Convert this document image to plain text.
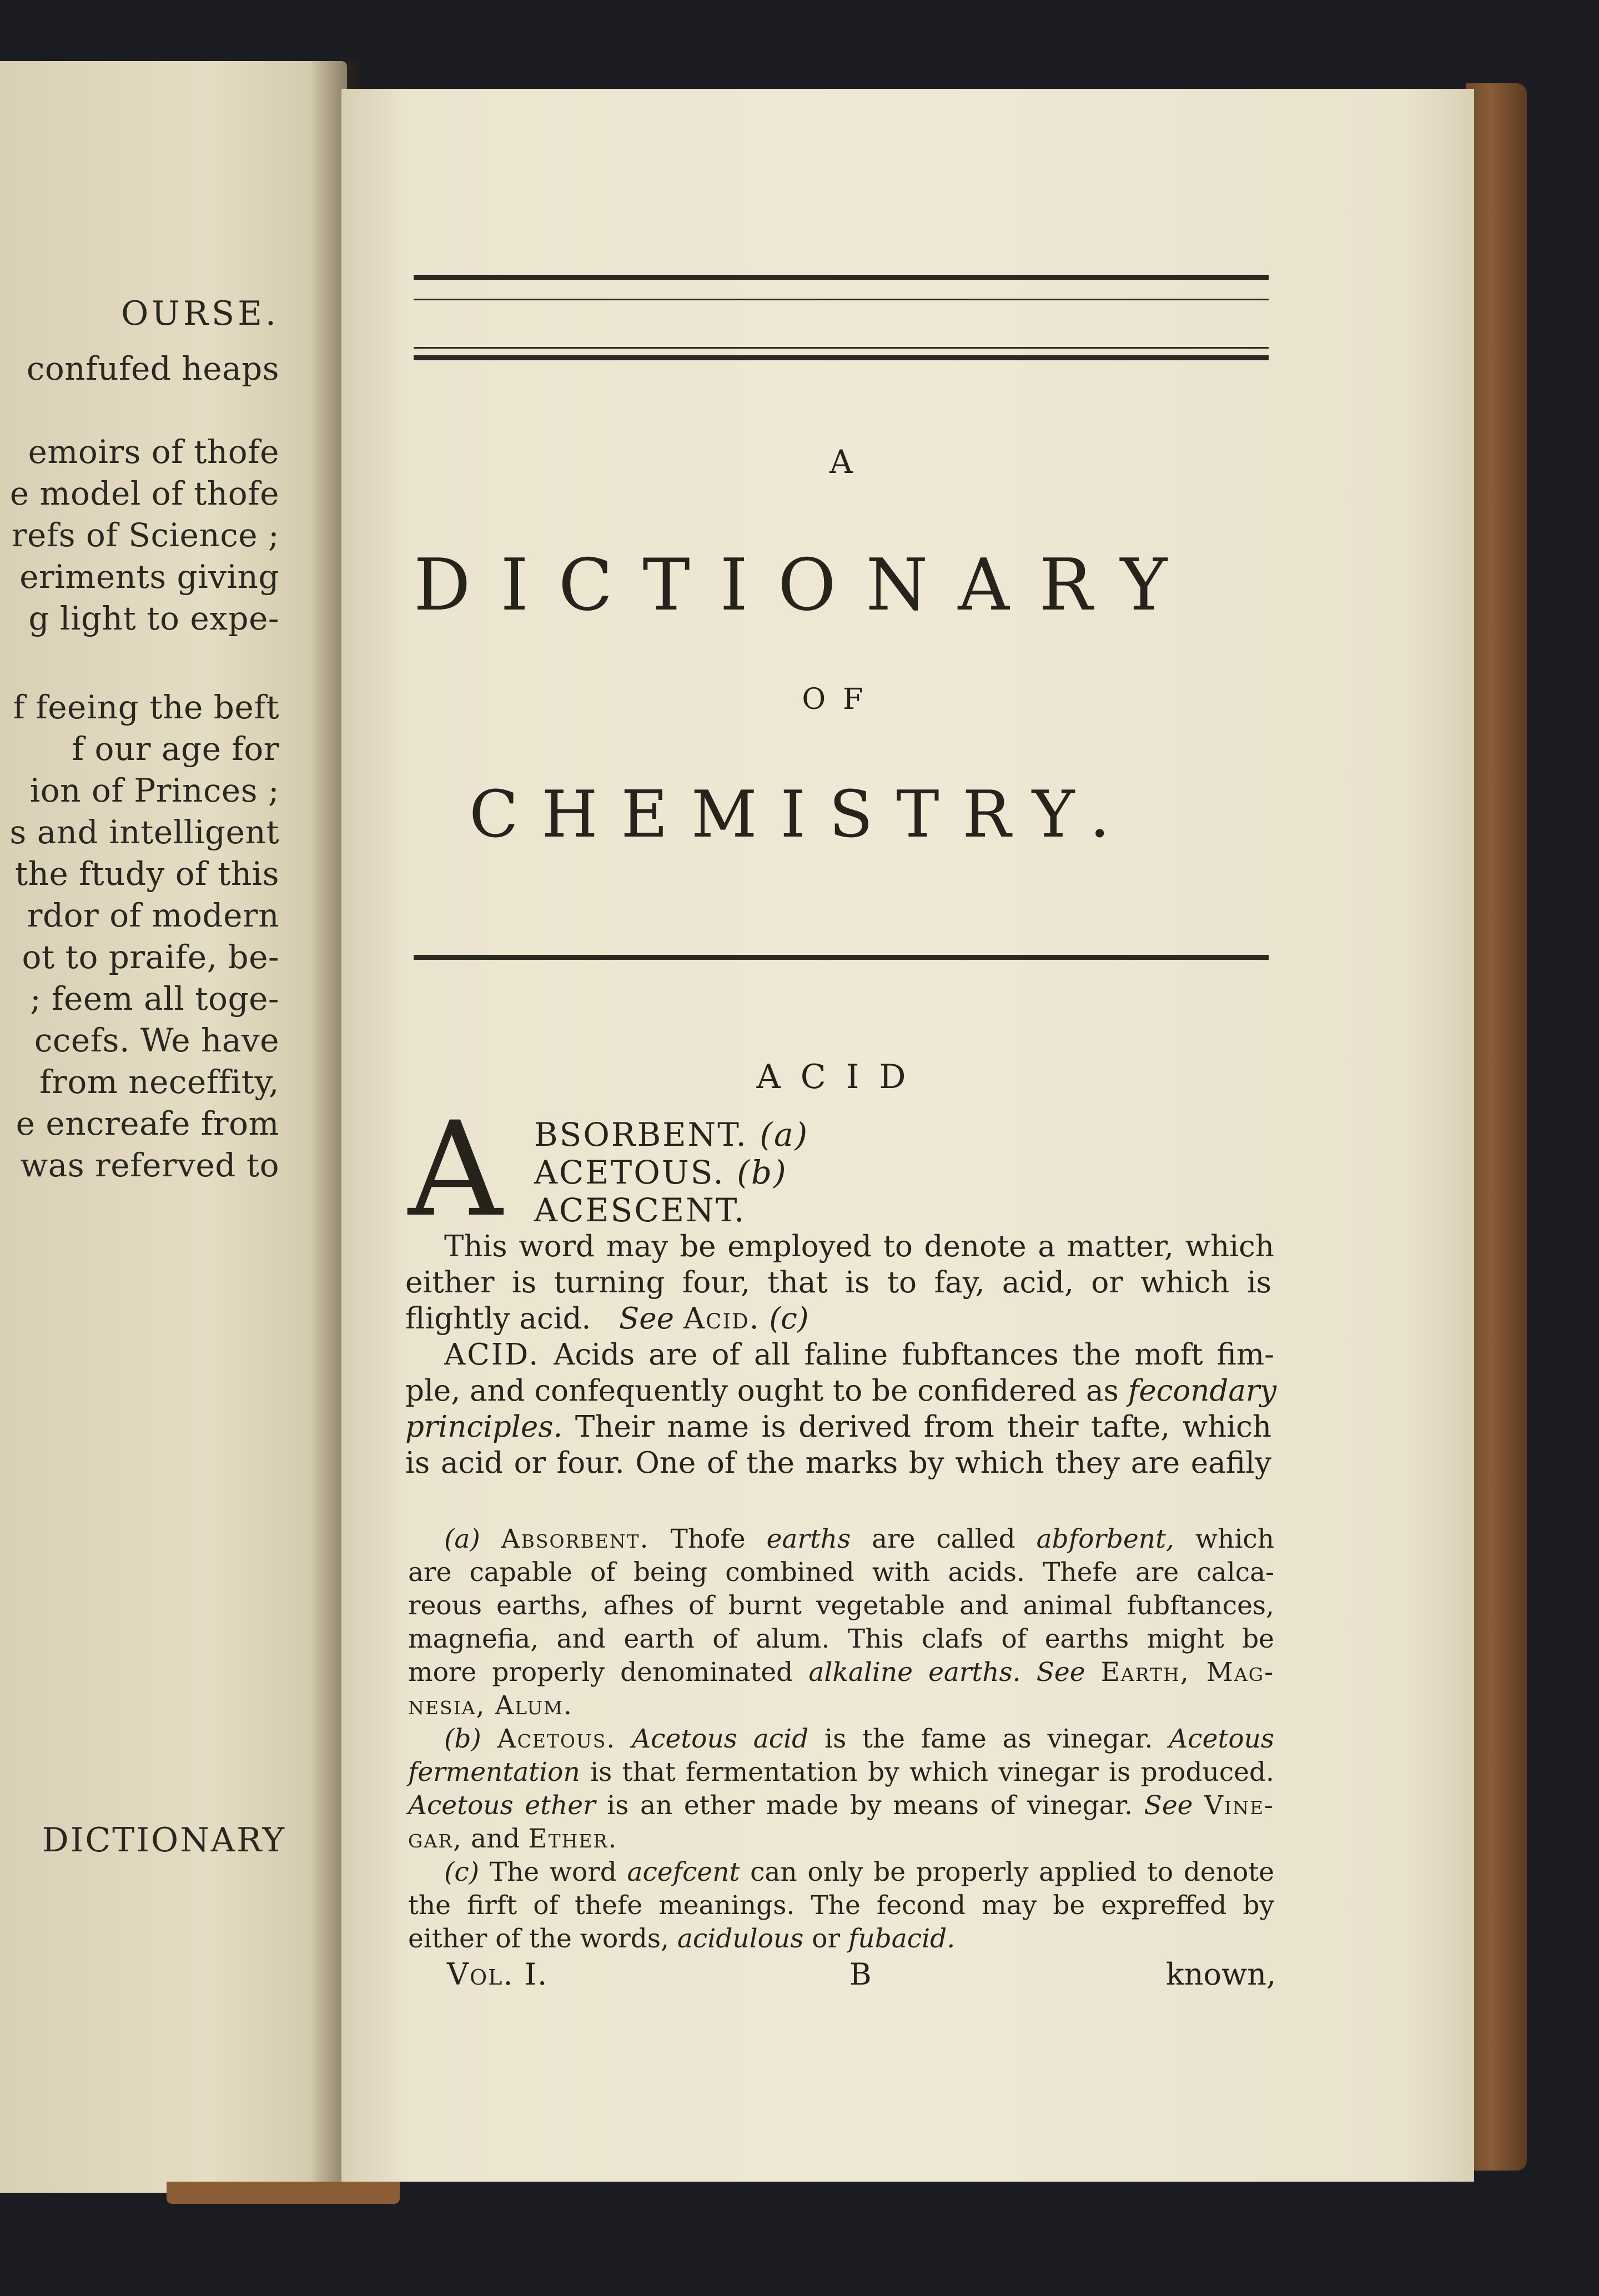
OURSE.
confufed heaps
emoirs of thofe
e model of thofe
refs of Science ;
eriments giving
g light to expe-
f feeing the beft
f our age for
ion of Princes ;
s and intelligent
the ftudy of this
rdor of modern
ot to praife, be-
; feem all toge-
ccefs. We have
from neceffity,
e encreafe from
was referved to
DICTIONARY
A
DICTIONARY
OF
CHEMISTRY.
ACID
A BSORBENT. (a)
ACETOUS. (b)
ACESCENT.
This word may be employed to denote a matter, which
either is turning four, that is to fay, acid, or which is
flightly acid. See Acid. (c)
ACID. Acids are of all faline fubftances the moft fim-
ple, and confequently ought to be confidered as fecondary
principles. Their name is derived from their tafte, which
is acid or four. One of the marks by which they are eafily
(a) Absorbent. Thofe earths are called abforbent, which
are capable of being combined with acids. Thefe are calca-
reous earths, afhes of burnt vegetable and animal fubftances,
magnefia, and earth of alum. This clafs of earths might be
more properly denominated alkaline earths. See Earth, Mag-
nesia, Alum.
(b) Acetous. Acetous acid is the fame as vinegar. Acetous
fermentation is that fermentation by which vinegar is produced.
Acetous ether is an ether made by means of vinegar. See Vine-
gar, and Ether.
(c) The word acefcent can only be properly applied to denote
the firft of thefe meanings. The fecond may be expreffed by
either of the words, acidulous or fubacid.
Vol. I.	B	known,
